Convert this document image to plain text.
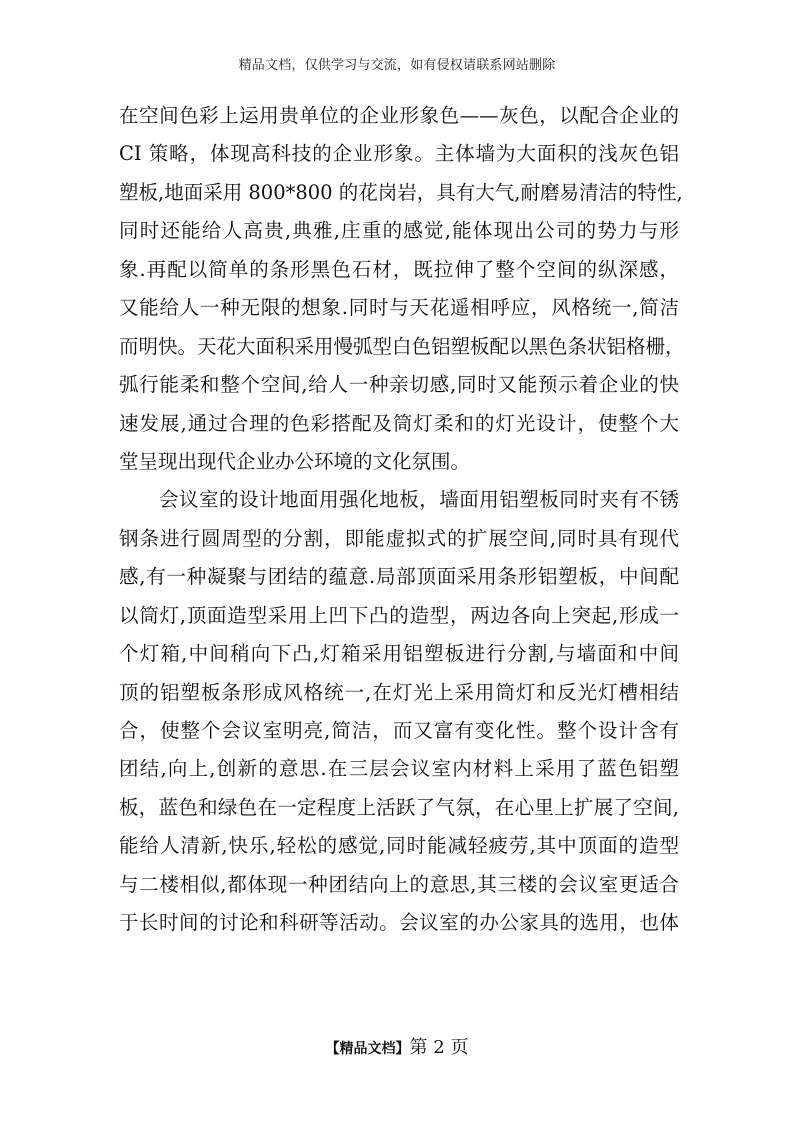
精品文档，仅供学习与交流，如有侵权请联系网站删除
在空间色彩上运用贵单位的企业形象色——灰色，以配合企业的
CI 策略，体现高科技的企业形象。主体墙为大面积的浅灰色铝
塑板,地面采用 800*800 的花岗岩，具有大气,耐磨易清洁的特性,
同时还能给人高贵,典雅,庄重的感觉,能体现出公司的势力与形
象.再配以简单的条形黑色石材，既拉伸了整个空间的纵深感，
又能给人一种无限的想象.同时与天花遥相呼应，风格统一,简洁
而明快。天花大面积采用慢弧型白色铝塑板配以黑色条状铝格栅，
弧行能柔和整个空间,给人一种亲切感,同时又能预示着企业的快
速发展,通过合理的色彩搭配及筒灯柔和的灯光设计，使整个大
堂呈现出现代企业办公环境的文化氛围。
会议室的设计地面用强化地板，墙面用铝塑板同时夹有不锈
钢条进行圆周型的分割，即能虚拟式的扩展空间,同时具有现代
感,有一种凝聚与团结的蕴意.局部顶面采用条形铝塑板，中间配
以筒灯,顶面造型采用上凹下凸的造型，两边各向上突起,形成一
个灯箱,中间稍向下凸,灯箱采用铝塑板进行分割,与墙面和中间
顶的铝塑板条形成风格统一,在灯光上采用筒灯和反光灯槽相结
合，使整个会议室明亮,简洁，而又富有变化性。整个设计含有
团结,向上,创新的意思.在三层会议室内材料上采用了蓝色铝塑
板，蓝色和绿色在一定程度上活跃了气氛，在心里上扩展了空间,
能给人清新,快乐,轻松的感觉,同时能减轻疲劳,其中顶面的造型
与二楼相似,都体现一种团结向上的意思,其三楼的会议室更适合
于长时间的讨论和科研等活动。会议室的办公家具的选用，也体
【精品文档】第 2 页
